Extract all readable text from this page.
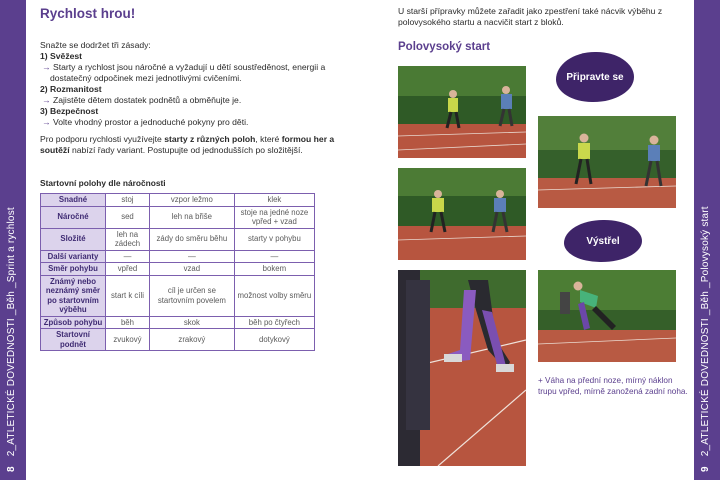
82_ATLETICKÉ DOVEDNOSTI _Běh _Sprint a rychlost
92_ATLETICKÉ DOVEDNOSTI _Běh _Polovysoký start
Rychlost hrou!

Snažte se dodržet tři zásady:

1) Svěžest

→ Starty a rychlost jsou náročné a vyžadují u dětí soustředěnost, energii a dostatečný odpočinek mezi jednotlivými cvičeními.

2) Rozmanitost

→ Zajistěte dětem dostatek podnětů a obměňujte je.

3) Bezpečnost

→ Volte vhodný prostor a jednoduché pokyny pro děti.

Pro podporu rychlosti využívejte starty z různých poloh, které formou her a soutěží nabízí řady variant. Postupujte od jednodušších po složitější.
Startovní polohy dle náročnosti
Snadné	stoj	vzpor ležmo	klek
Náročné	sed	leh na břiše	stoje na jedné noze vpřed + vzad
Složité	leh na zádech	zády do směru běhu	starty v pohybu
Další varianty	—	—	—
Směr pohybu	vpřed	vzad	bokem
Známý nebo neznámý směr po startovním výběhu	start k cíli	cíl je určen se startovním povelem	možnost volby směru
Způsob pohybu	běh	skok	běh po čtyřech
Startovní podnět	zvukový	zrakový	dotykový
U starší přípravky můžete zařadit jako zpestření také nácvik výběhu z polovysokého startu a nacvičit start z bloků.
Polovysoký start
Připravte se
Výstřel
+ Váha na přední noze, mírný náklon trupu vpřed, mírně zanožená zadní noha.
